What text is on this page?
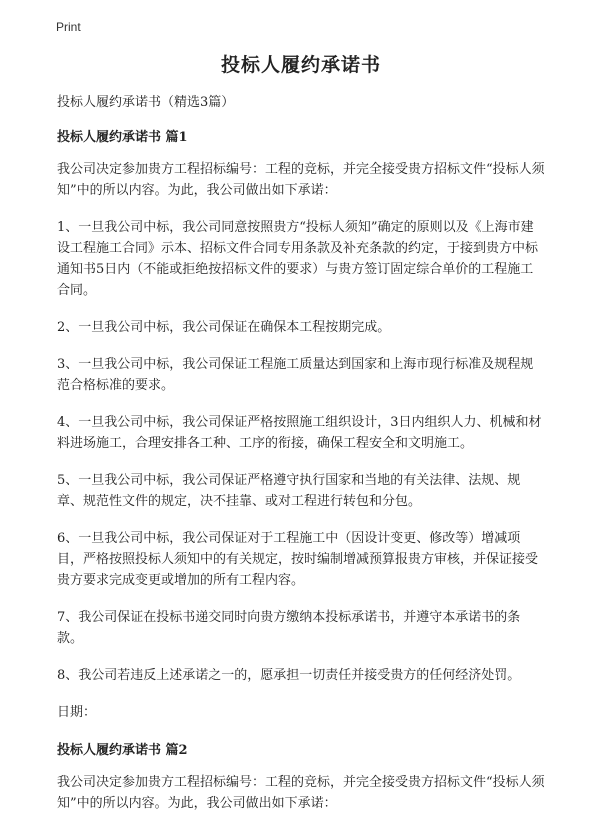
Print
投标人履约承诺书
投标人履约承诺书（精选3篇）
投标人履约承诺书 篇1
我公司决定参加贵方工程招标编号：工程的竞标，并完全接受贵方招标文件“投标人须知”中的所以内容。为此，我公司做出如下承诺：
1、一旦我公司中标，我公司同意按照贵方“投标人须知”确定的原则以及《上海市建设工程施工合同》示本、招标文件合同专用条款及补充条款的约定，于接到贵方中标通知书5日内（不能或拒绝按招标文件的要求）与贵方签订固定综合单价的工程施工合同。
2、一旦我公司中标，我公司保证在确保本工程按期完成。
3、一旦我公司中标，我公司保证工程施工质量达到国家和上海市现行标准及规程规范合格标准的要求。
4、一旦我公司中标，我公司保证严格按照施工组织设计，3日内组织人力、机械和材料进场施工，合理安排各工种、工序的衔接，确保工程安全和文明施工。
5、一旦我公司中标，我公司保证严格遵守执行国家和当地的有关法律、法规、规章、规范性文件的规定，决不挂靠、或对工程进行转包和分包。
6、一旦我公司中标，我公司保证对于工程施工中（因设计变更、修改等）增减项目，严格按照投标人须知中的有关规定，按时编制增减预算报贵方审核，并保证接受贵方要求完成变更或增加的所有工程内容。
7、我公司保证在投标书递交同时向贵方缴纳本投标承诺书，并遵守本承诺书的条款。
8、我公司若违反上述承诺之一的，愿承担一切责任并接受贵方的任何经济处罚。
日期：
投标人履约承诺书 篇2
我公司决定参加贵方工程招标编号：工程的竞标，并完全接受贵方招标文件“投标人须知”中的所以内容。为此，我公司做出如下承诺：
